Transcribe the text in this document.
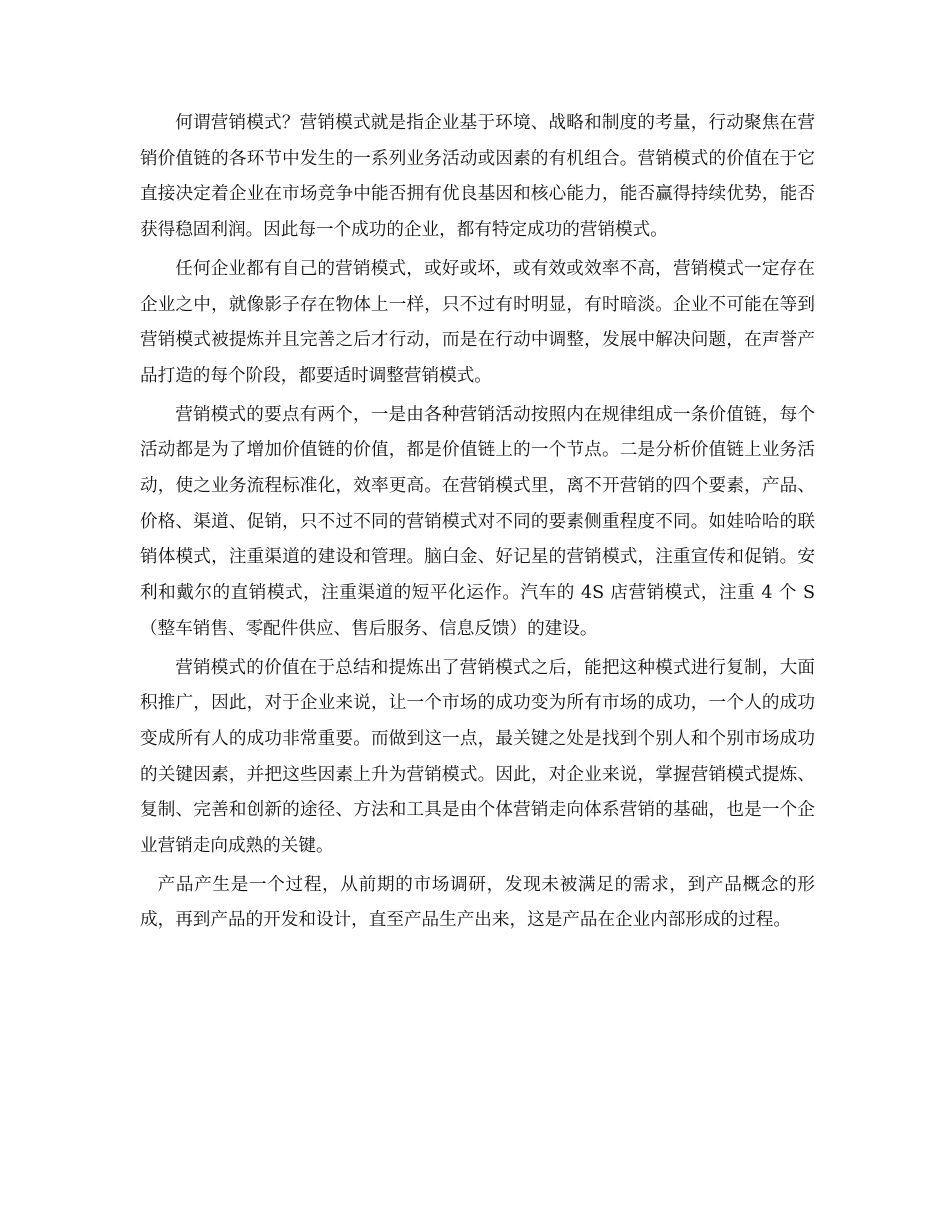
何谓营销模式？营销模式就是指企业基于环境、战略和制度的考量，行动聚焦在营销价值链的各环节中发生的一系列业务活动或因素的有机组合。营销模式的价值在于它直接决定着企业在市场竞争中能否拥有优良基因和核心能力，能否赢得持续优势，能否获得稳固利润。因此每一个成功的企业，都有特定成功的营销模式。

任何企业都有自己的营销模式，或好或坏，或有效或效率不高，营销模式一定存在企业之中，就像影子存在物体上一样，只不过有时明显，有时暗淡。企业不可能在等到营销模式被提炼并且完善之后才行动，而是在行动中调整，发展中解决问题，在声誉产品打造的每个阶段，都要适时调整营销模式。

营销模式的要点有两个，一是由各种营销活动按照内在规律组成一条价值链，每个活动都是为了增加价值链的价值，都是价值链上的一个节点。二是分析价值链上业务活动，使之业务流程标准化，效率更高。在营销模式里，离不开营销的四个要素，产品、价格、渠道、促销，只不过不同的营销模式对不同的要素侧重程度不同。如娃哈哈的联销体模式，注重渠道的建设和管理。脑白金、好记星的营销模式，注重宣传和促销。安利和戴尔的直销模式，注重渠道的短平化运作。汽车的 4S 店营销模式，注重 4 个 S（整车销售、零配件供应、售后服务、信息反馈）的建设。

营销模式的价值在于总结和提炼出了营销模式之后，能把这种模式进行复制，大面积推广，因此，对于企业来说，让一个市场的成功变为所有市场的成功，一个人的成功变成所有人的成功非常重要。而做到这一点，最关键之处是找到个别人和个别市场成功的关键因素，并把这些因素上升为营销模式。因此，对企业来说，掌握营销模式提炼、复制、完善和创新的途径、方法和工具是由个体营销走向体系营销的基础，也是一个企业营销走向成熟的关键。

产品产生是一个过程，从前期的市场调研，发现未被满足的需求，到产品概念的形成，再到产品的开发和设计，直至产品生产出来，这是产品在企业内部形成的过程。
